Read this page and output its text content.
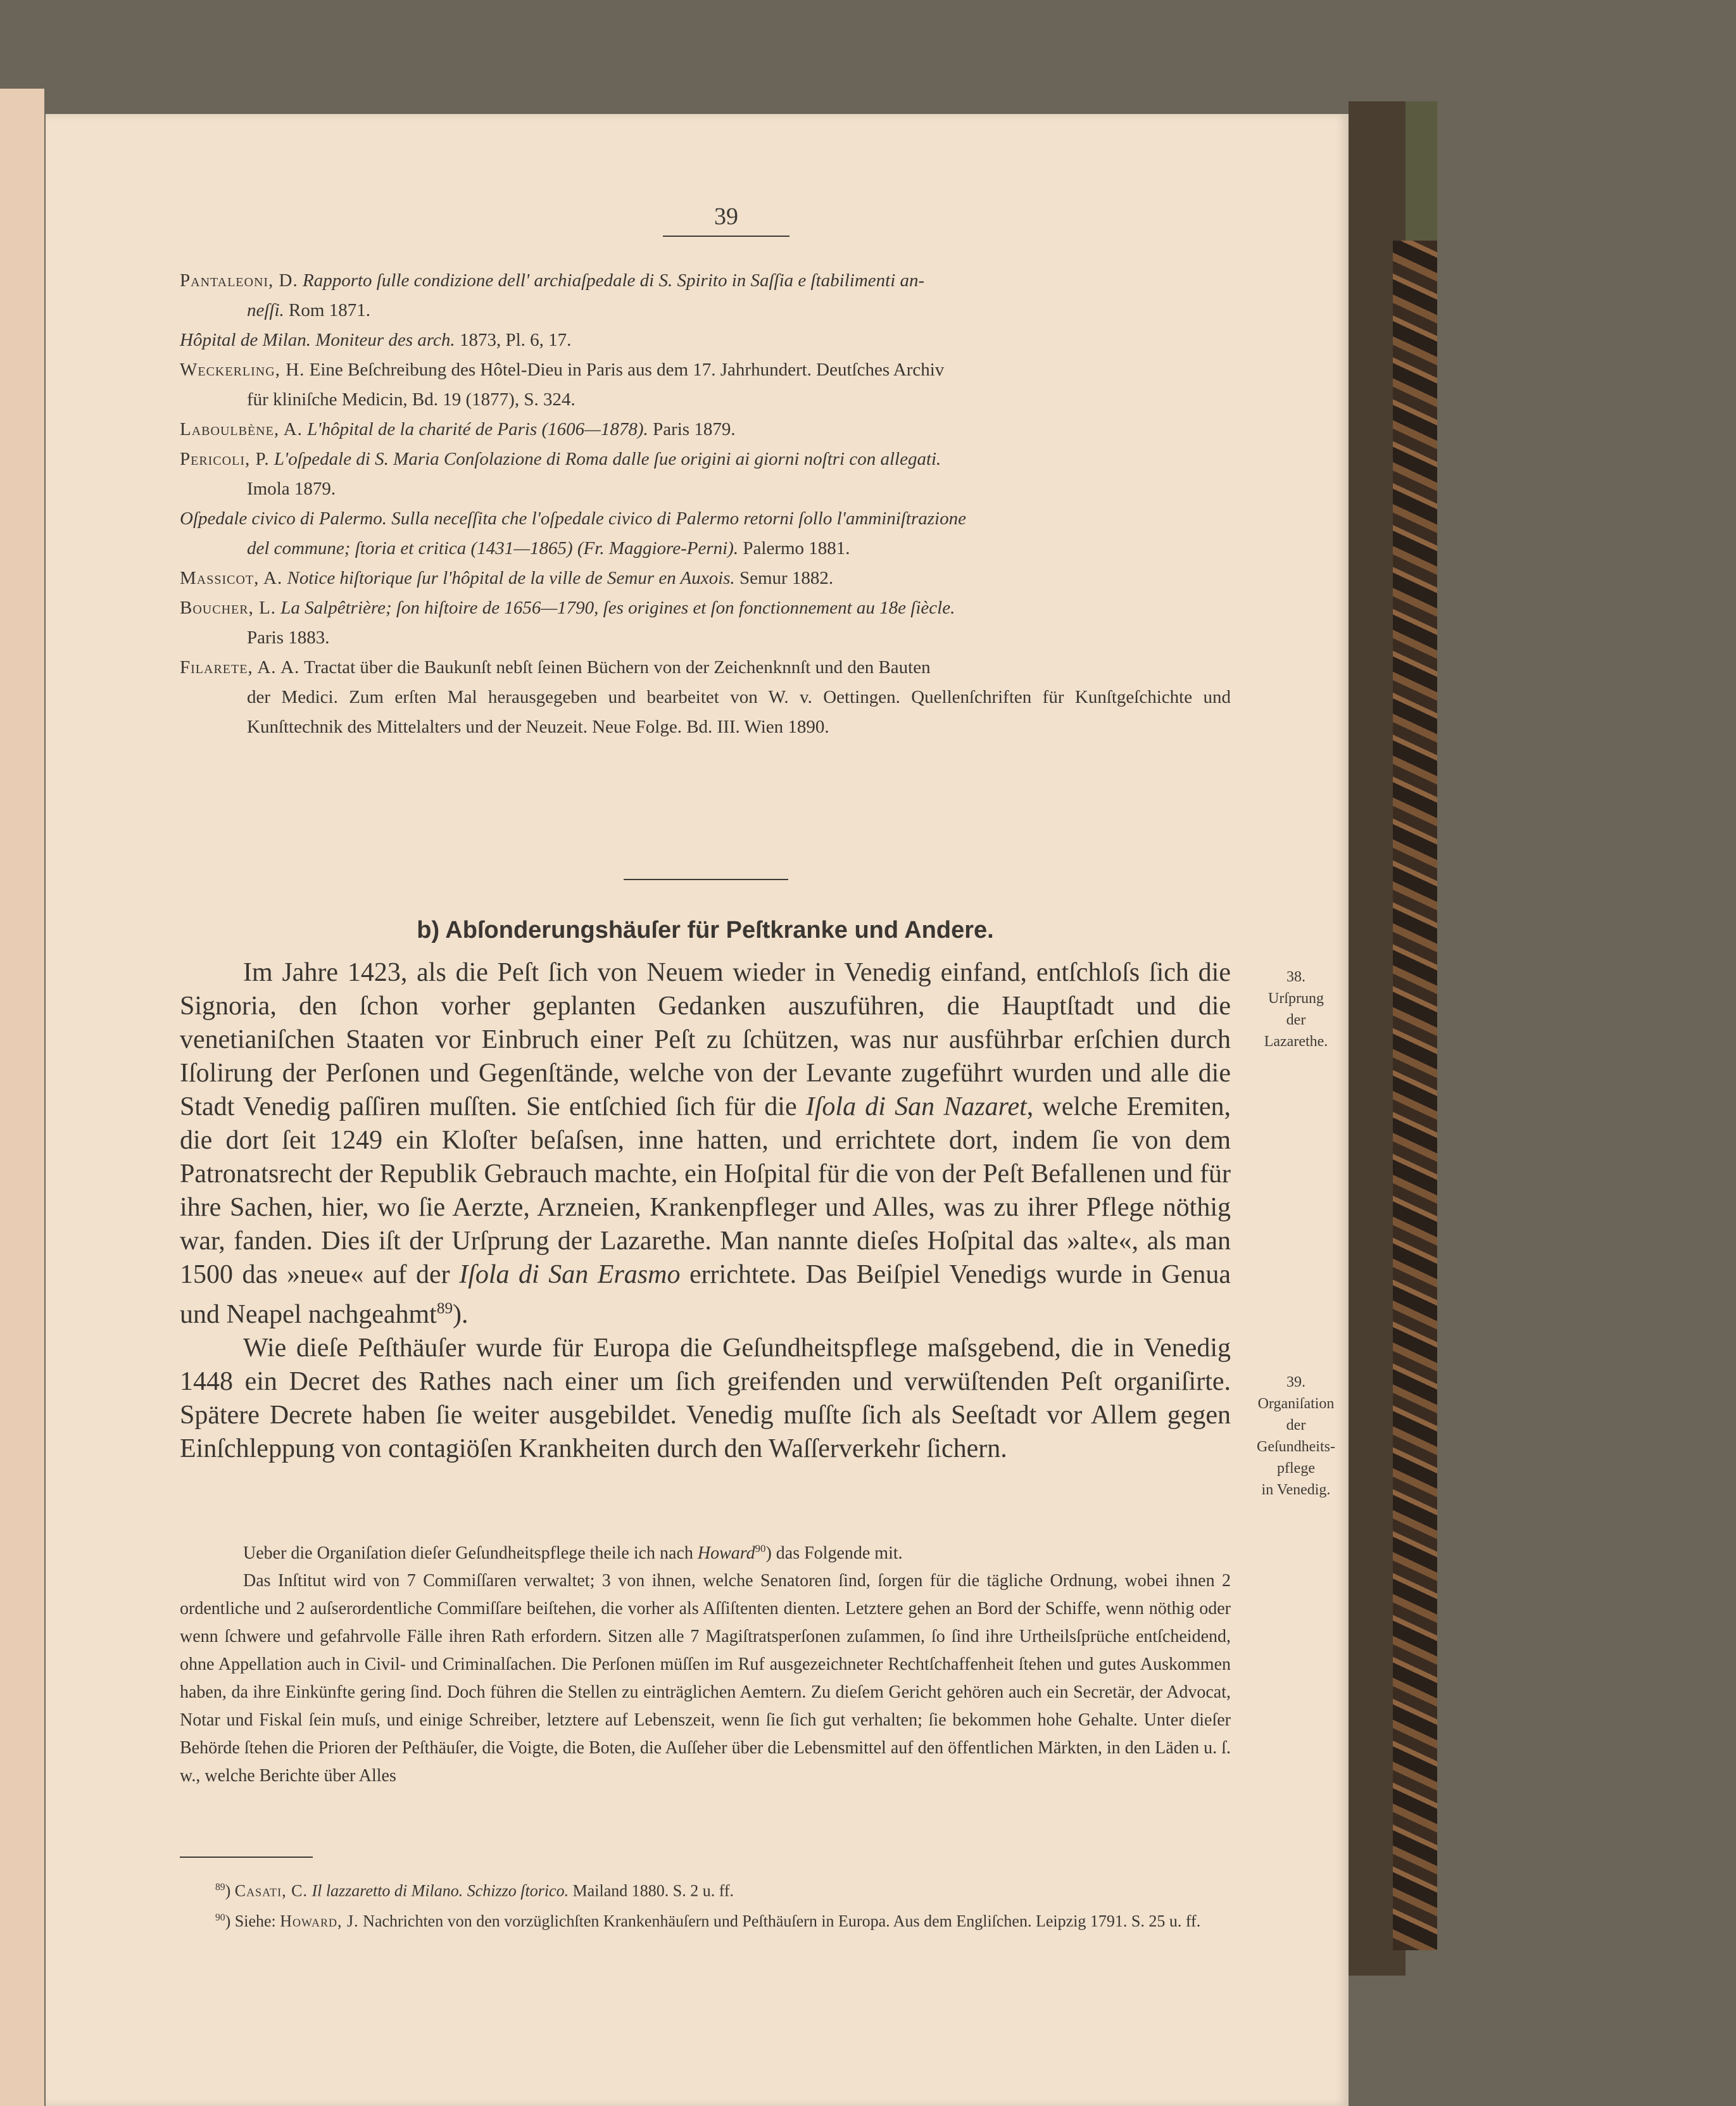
39
Pantaleoni, D. Rapporto ſulle condizione dell' archiaſpedale di S. Spirito in Saſſia e ſtabilimenti an-
neſſi. Rom 1871.
Hôpital de Milan. Moniteur des arch. 1873, Pl. 6, 17.
Weckerling, H. Eine Beſchreibung des Hôtel-Dieu in Paris aus dem 17. Jahrhundert. Deutſches Archiv
für kliniſche Medicin, Bd. 19 (1877), S. 324.
Laboulbène, A. L'hôpital de la charité de Paris (1606—1878). Paris 1879.
Pericoli, P. L'oſpedale di S. Maria Conſolazione di Roma dalle ſue origini ai giorni noſtri con allegati.
Imola 1879.
Oſpedale civico di Palermo. Sulla neceſſita che l'oſpedale civico di Palermo retorni ſollo l'amminiſtrazione
del commune; ſtoria et critica (1431—1865) (Fr. Maggiore-Perni). Palermo 1881.
Massicot, A. Notice hiſtorique ſur l'hôpital de la ville de Semur en Auxois. Semur 1882.
Boucher, L. La Salpêtrière; ſon hiſtoire de 1656—1790, ſes origines et ſon fonctionnement au 18e ſiècle.
Paris 1883.
Filarete, A. A. Tractat über die Baukunſt nebſt ſeinen Büchern von der Zeichenknnſt und den Bauten
der Medici. Zum erſten Mal herausgegeben und bearbeitet von W. v. Oettingen. Quellenſchriften für Kunſtgeſchichte und Kunſttechnik des Mittelalters und der Neuzeit. Neue Folge. Bd. III. Wien 1890.
b) Abſonderungshäuſer für Peſtkranke und Andere.

Im Jahre 1423, als die Peſt ſich von Neuem wieder in Venedig einfand, entſchloſs ſich die Signoria, den ſchon vorher geplanten Gedanken auszuführen, die Hauptſtadt und die venetianiſchen Staaten vor Einbruch einer Peſt zu ſchützen, was nur ausführbar erſchien durch Iſolirung der Perſonen und Gegenſtände, welche von der Levante zugeführt wurden und alle die Stadt Venedig paſſiren muſſten. Sie entſchied ſich für die Iſola di San Nazaret, welche Eremiten, die dort ſeit 1249 ein Kloſter beſaſsen, inne hatten, und errichtete dort, indem ſie von dem Patronatsrecht der Republik Gebrauch machte, ein Hoſpital für die von der Peſt Befallenen und für ihre Sachen, hier, wo ſie Aerzte, Arzneien, Krankenpfleger und Alles, was zu ihrer Pflege nöthig war, fanden. Dies iſt der Urſprung der Lazarethe. Man nannte dieſes Hoſpital das »alte«, als man 1500 das »neue« auf der Iſola di San Erasmo errichtete. Das Beiſpiel Venedigs wurde in Genua und Neapel nachgeahmt$^{89}$).

Wie dieſe Peſthäuſer wurde für Europa die Geſundheitspflege maſsgebend, die in Venedig 1448 ein Decret des Rathes nach einer um ſich greifenden und verwüſtenden Peſt organiſirte. Spätere Decrete haben ſie weiter ausgebildet. Venedig muſſte ſich als Seeſtadt vor Allem gegen Einſchleppung von contagiöſen Krankheiten durch den Waſſerverkehr ſichern.

Ueber die Organiſation dieſer Geſundheitspflege theile ich nach Howard$^{90}$) das Folgende mit.

Das Inſtitut wird von 7 Commiſſaren verwaltet; 3 von ihnen, welche Senatoren ſind, ſorgen für die tägliche Ordnung, wobei ihnen 2 ordentliche und 2 auſserordentliche Commiſſare beiſtehen, die vorher als Aſſiſtenten dienten. Letztere gehen an Bord der Schiffe, wenn nöthig oder wenn ſchwere und gefahrvolle Fälle ihren Rath erfordern. Sitzen alle 7 Magiſtratsperſonen zuſammen, ſo ſind ihre Urtheilsſprüche entſcheidend, ohne Appellation auch in Civil- und Criminalſachen. Die Perſonen müſſen im Ruf ausgezeichneter Rechtſchaffenheit ſtehen und gutes Auskommen haben, da ihre Einkünfte gering ſind. Doch führen die Stellen zu einträglichen Aemtern. Zu dieſem Gericht gehören auch ein Secretär, der Advocat, Notar und Fiskal ſein muſs, und einige Schreiber, letztere auf Lebenszeit, wenn ſie ſich gut verhalten; ſie bekommen hohe Gehalte. Unter dieſer Behörde ſtehen die Prioren der Peſthäuſer, die Voigte, die Boten, die Auſſeher über die Lebensmittel auf den öffentlichen Märkten, in den Läden u. ſ. w., welche Berichte über Alles

38.
Urſprung
der
Lazarethe.
39.
Organiſation
der
Geſundheits-
pflege
in Venedig.

$^{89}$) Casati, C. Il lazzaretto di Milano. Schizzo ſtorico. Mailand 1880. S. 2 u. ff.

$^{90}$) Siehe: Howard, J. Nachrichten von den vorzüglichſten Krankenhäuſern und Peſthäuſern in Europa. Aus dem Engliſchen. Leipzig 1791. S. 25 u. ff.
